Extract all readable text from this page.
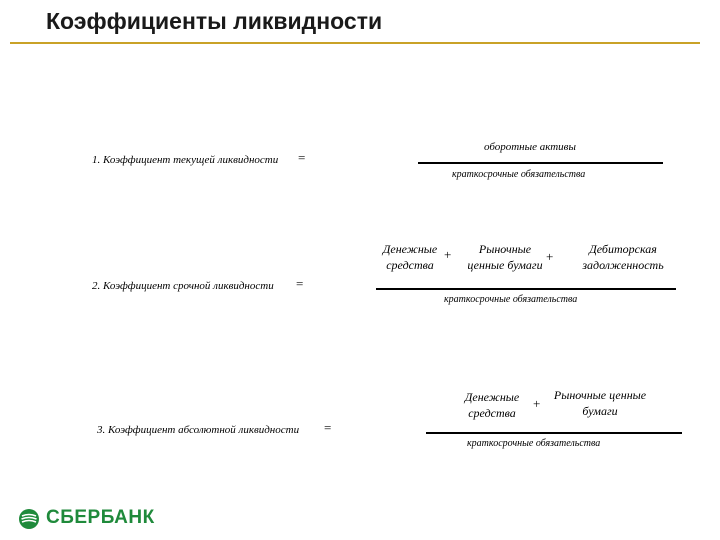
Коэффициенты ликвидности
1. Коэффициент текущей ликвидности =
оборотные активы
краткосрочные обязательства
2. Коэффициент срочной ликвидности =
Денежные
средства
+	Рыночные
ценные бумаги
+	Дебиторская
задолженность
краткосрочные обязательства
3. Коэффициент абсолютной ликвидности =
Денежные
средства
+
Рыночные ценные
бумаги
краткосрочные обязательства
СБЕРБАНК
